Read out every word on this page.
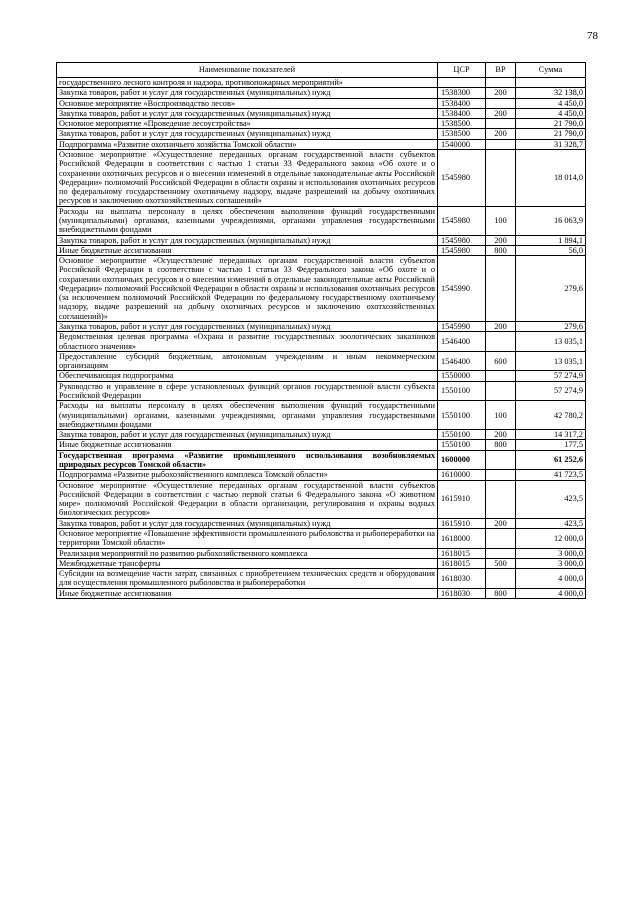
78
Наименование показателей	ЦСР	ВР	Сумма
государственного лесного контроля и надзора, противопожарных мероприятий»			
Закупка товаров, работ и услуг для государственных (муниципальных) нужд	1538300	200	32 138,0
Основное мероприятие «Воспроизводство лесов»	1538400		4 450,0
Закупка товаров, работ и услуг для государственных (муниципальных) нужд	1538400	200	4 450,0
Основное мероприятие «Проведение лесоустройства»	1538500		21 790,0
Закупка товаров, работ и услуг для государственных (муниципальных) нужд	1538500	200	21 790,0
Подпрограмма «Развитие охотничьего хозяйства Томской области»	1540000		31 328,7
Основное мероприятие «Осуществление переданных органам государственной власти субъектов Российской Федерации в соответствии с частью 1 статьи 33 Федерального закона «Об охоте и о сохранении охотничьих ресурсов и о внесении изменений в отдельные законодательные акты Российской Федерации» полномочий Российской Федерации в области охраны и использования охотничьих ресурсов по федеральному государственному охотничьему надзору, выдаче разрешений на добычу охотничьих ресурсов и заключению охотхозяйственных соглашений»	1545980		18 014,0
Расходы на выплаты персоналу в целях обеспечения выполнения функций государственными (муниципальными) органами, казенными учреждениями, органами управления государственными внебюджетными фондами	1545980	100	16 063,9
Закупка товаров, работ и услуг для государственных (муниципальных) нужд	1545980	200	1 894,1
Иные бюджетные ассигнования	1545980	800	56,0
Основное мероприятие «Осуществление переданных органам государственной власти субъектов Российской Федерации в соответствии с частью 1 статьи 33 Федерального закона «Об охоте и о сохранении охотничьих ресурсов и о внесении изменений в отдельные законодательные акты Российской Федерации» полномочий Российской Федерации в области охраны и использования охотничьих ресурсов (за исключением полномочий Российской Федерации по федеральному государственному охотничьему надзору, выдаче разрешений на добычу охотничьих ресурсов и заключению охотхозяйственных соглашений)»	1545990		279,6
Закупка товаров, работ и услуг для государственных (муниципальных) нужд	1545990	200	279,6
Ведомственная целевая программа «Охрана и развитие государственных зоологических заказников областного значения»	1546400		13 035,1
Предоставление субсидий бюджетным, автономным учреждениям и иным некоммерческим организациям	1546400	600	13 035,1
Обеспечивающая подпрограмма	1550000		57 274,9
Руководство и управление в сфере установленных функций органов государственной власти субъекта Российской Федерации	1550100		57 274,9
Расходы на выплаты персоналу в целях обеспечения выполнения функций государственными (муниципальными) органами, казенными учреждениями, органами управления государственными внебюджетными фондами	1550100	100	42 780,2
Закупка товаров, работ и услуг для государственных (муниципальных) нужд	1550100	200	14 317,2
Иные бюджетные ассигнования	1550100	800	177,5
Государственная программа «Развитие промышленного использования возобновляемых природных ресурсов Томской области»	1600000		61 252,6
Подпрограмма «Развитие рыбохозяйственного комплекса Томской области»	1610000		41 723,5
Основное мероприятие «Осуществление переданных органам государственной власти субъектов Российской Федерации в соответствии с частью первой статьи 6 Федерального закона «О животном мире» полномочий Российской Федерации в области организации, регулирования и охраны водных биологических ресурсов»	1615910		423,5
Закупка товаров, работ и услуг для государственных (муниципальных) нужд	1615910	200	423,5
Основное мероприятие «Повышение эффективности промышленного рыболовства и рыбопереработки на территории Томской области»	1618000		12 000,0
Реализация мероприятий по развитию рыбохозяйственного комплекса	1618015		3 000,0
Межбюджетные трансферты	1618015	500	3 000,0
Субсидии на возмещение части затрат, связанных с приобретением технических средств и оборудования для осуществления промышленного рыболовства и рыбопереработки	1618030		4 000,0
Иные бюджетные ассигнования	1618030	800	4 000,0
